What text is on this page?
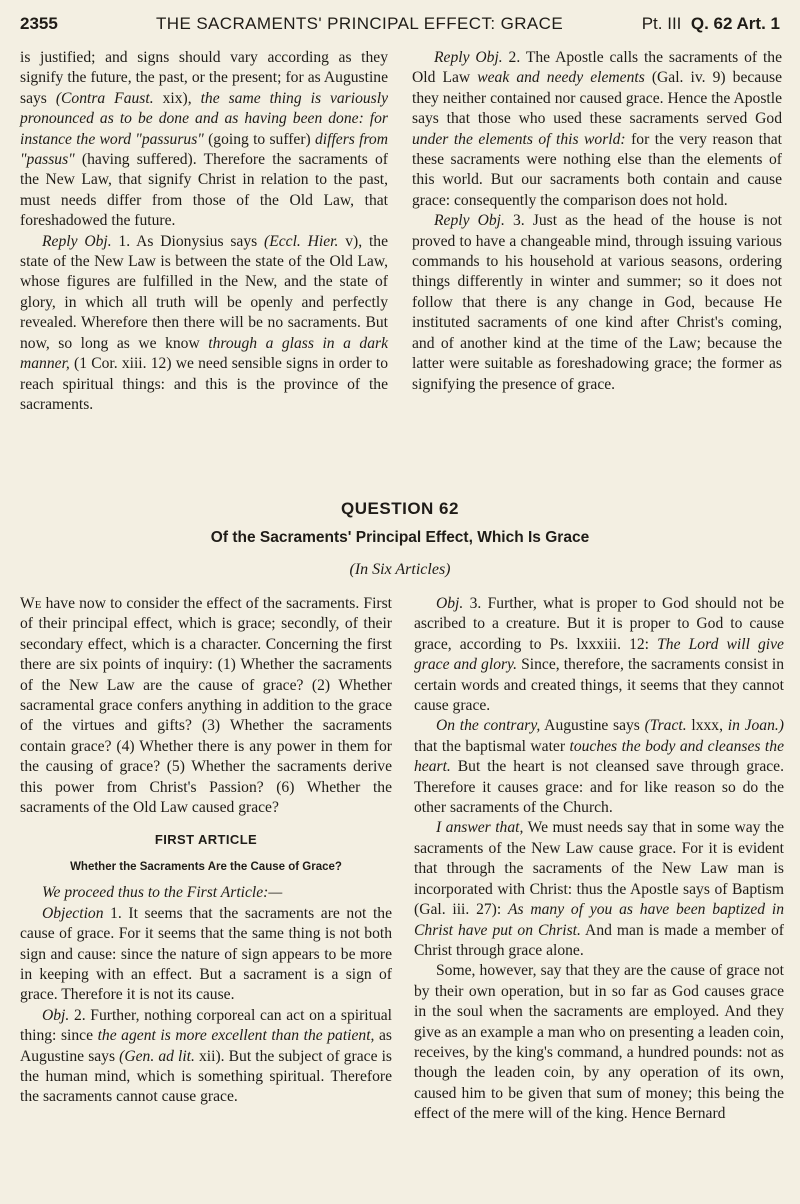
2355	THE SACRAMENTS' PRINCIPAL EFFECT: GRACE	Pt. III Q. 62 Art. 1

is justified; and signs should vary according as they signify the future, the past, or the present; for as Augustine says (Contra Faust. xix), the same thing is variously pronounced as to be done and as having been done: for instance the word "passurus" (going to suffer) differs from "passus" (having suffered). Therefore the sacraments of the New Law, that signify Christ in relation to the past, must needs differ from those of the Old Law, that foreshadowed the future.

Reply Obj. 1. As Dionysius says (Eccl. Hier. v), the state of the New Law is between the state of the Old Law, whose figures are fulfilled in the New, and the state of glory, in which all truth will be openly and perfectly revealed. Wherefore then there will be no sacraments. But now, so long as we know through a glass in a dark manner, (1 Cor. xiii. 12) we need sensible signs in order to reach spiritual things: and this is the province of the sacraments.

Reply Obj. 2. The Apostle calls the sacraments of the Old Law weak and needy elements (Gal. iv. 9) because they neither contained nor caused grace. Hence the Apostle says that those who used these sacraments served God under the elements of this world: for the very reason that these sacraments were nothing else than the elements of this world. But our sacraments both contain and cause grace: consequently the comparison does not hold.

Reply Obj. 3. Just as the head of the house is not proved to have a changeable mind, through issuing various commands to his household at various seasons, ordering things differently in winter and summer; so it does not follow that there is any change in God, because He instituted sacraments of one kind after Christ's coming, and of another kind at the time of the Law; because the latter were suitable as foreshadowing grace; the former as signifying the presence of grace.

QUESTION 62
Of the Sacraments' Principal Effect, Which Is Grace
(In Six Articles)

We have now to consider the effect of the sacraments. First of their principal effect, which is grace; secondly, of their secondary effect, which is a character. Concerning the first there are six points of inquiry: (1) Whether the sacraments of the New Law are the cause of grace? (2) Whether sacramental grace confers anything in addition to the grace of the virtues and gifts? (3) Whether the sacraments contain grace? (4) Whether there is any power in them for the causing of grace? (5) Whether the sacraments derive this power from Christ's Passion? (6) Whether the sacraments of the Old Law caused grace?

FIRST ARTICLE

Whether the Sacraments Are the Cause of Grace?

We proceed thus to the First Article:—

Objection 1. It seems that the sacraments are not the cause of grace. For it seems that the same thing is not both sign and cause: since the nature of sign appears to be more in keeping with an effect. But a sacrament is a sign of grace. Therefore it is not its cause.

Obj. 2. Further, nothing corporeal can act on a spiritual thing: since the agent is more excellent than the patient, as Augustine says (Gen. ad lit. xii). But the subject of grace is the human mind, which is something spiritual. Therefore the sacraments cannot cause grace.

Obj. 3. Further, what is proper to God should not be ascribed to a creature. But it is proper to God to cause grace, according to Ps. lxxxiii. 12: The Lord will give grace and glory. Since, therefore, the sacraments consist in certain words and created things, it seems that they cannot cause grace.

On the contrary, Augustine says (Tract. lxxx, in Joan.) that the baptismal water touches the body and cleanses the heart. But the heart is not cleansed save through grace. Therefore it causes grace: and for like reason so do the other sacraments of the Church.

I answer that, We must needs say that in some way the sacraments of the New Law cause grace. For it is evident that through the sacraments of the New Law man is incorporated with Christ: thus the Apostle says of Baptism (Gal. iii. 27): As many of you as have been baptized in Christ have put on Christ. And man is made a member of Christ through grace alone.

Some, however, say that they are the cause of grace not by their own operation, but in so far as God causes grace in the soul when the sacraments are employed. And they give as an example a man who on presenting a leaden coin, receives, by the king's command, a hundred pounds: not as though the leaden coin, by any operation of its own, caused him to be given that sum of money; this being the effect of the mere will of the king. Hence Bernard
